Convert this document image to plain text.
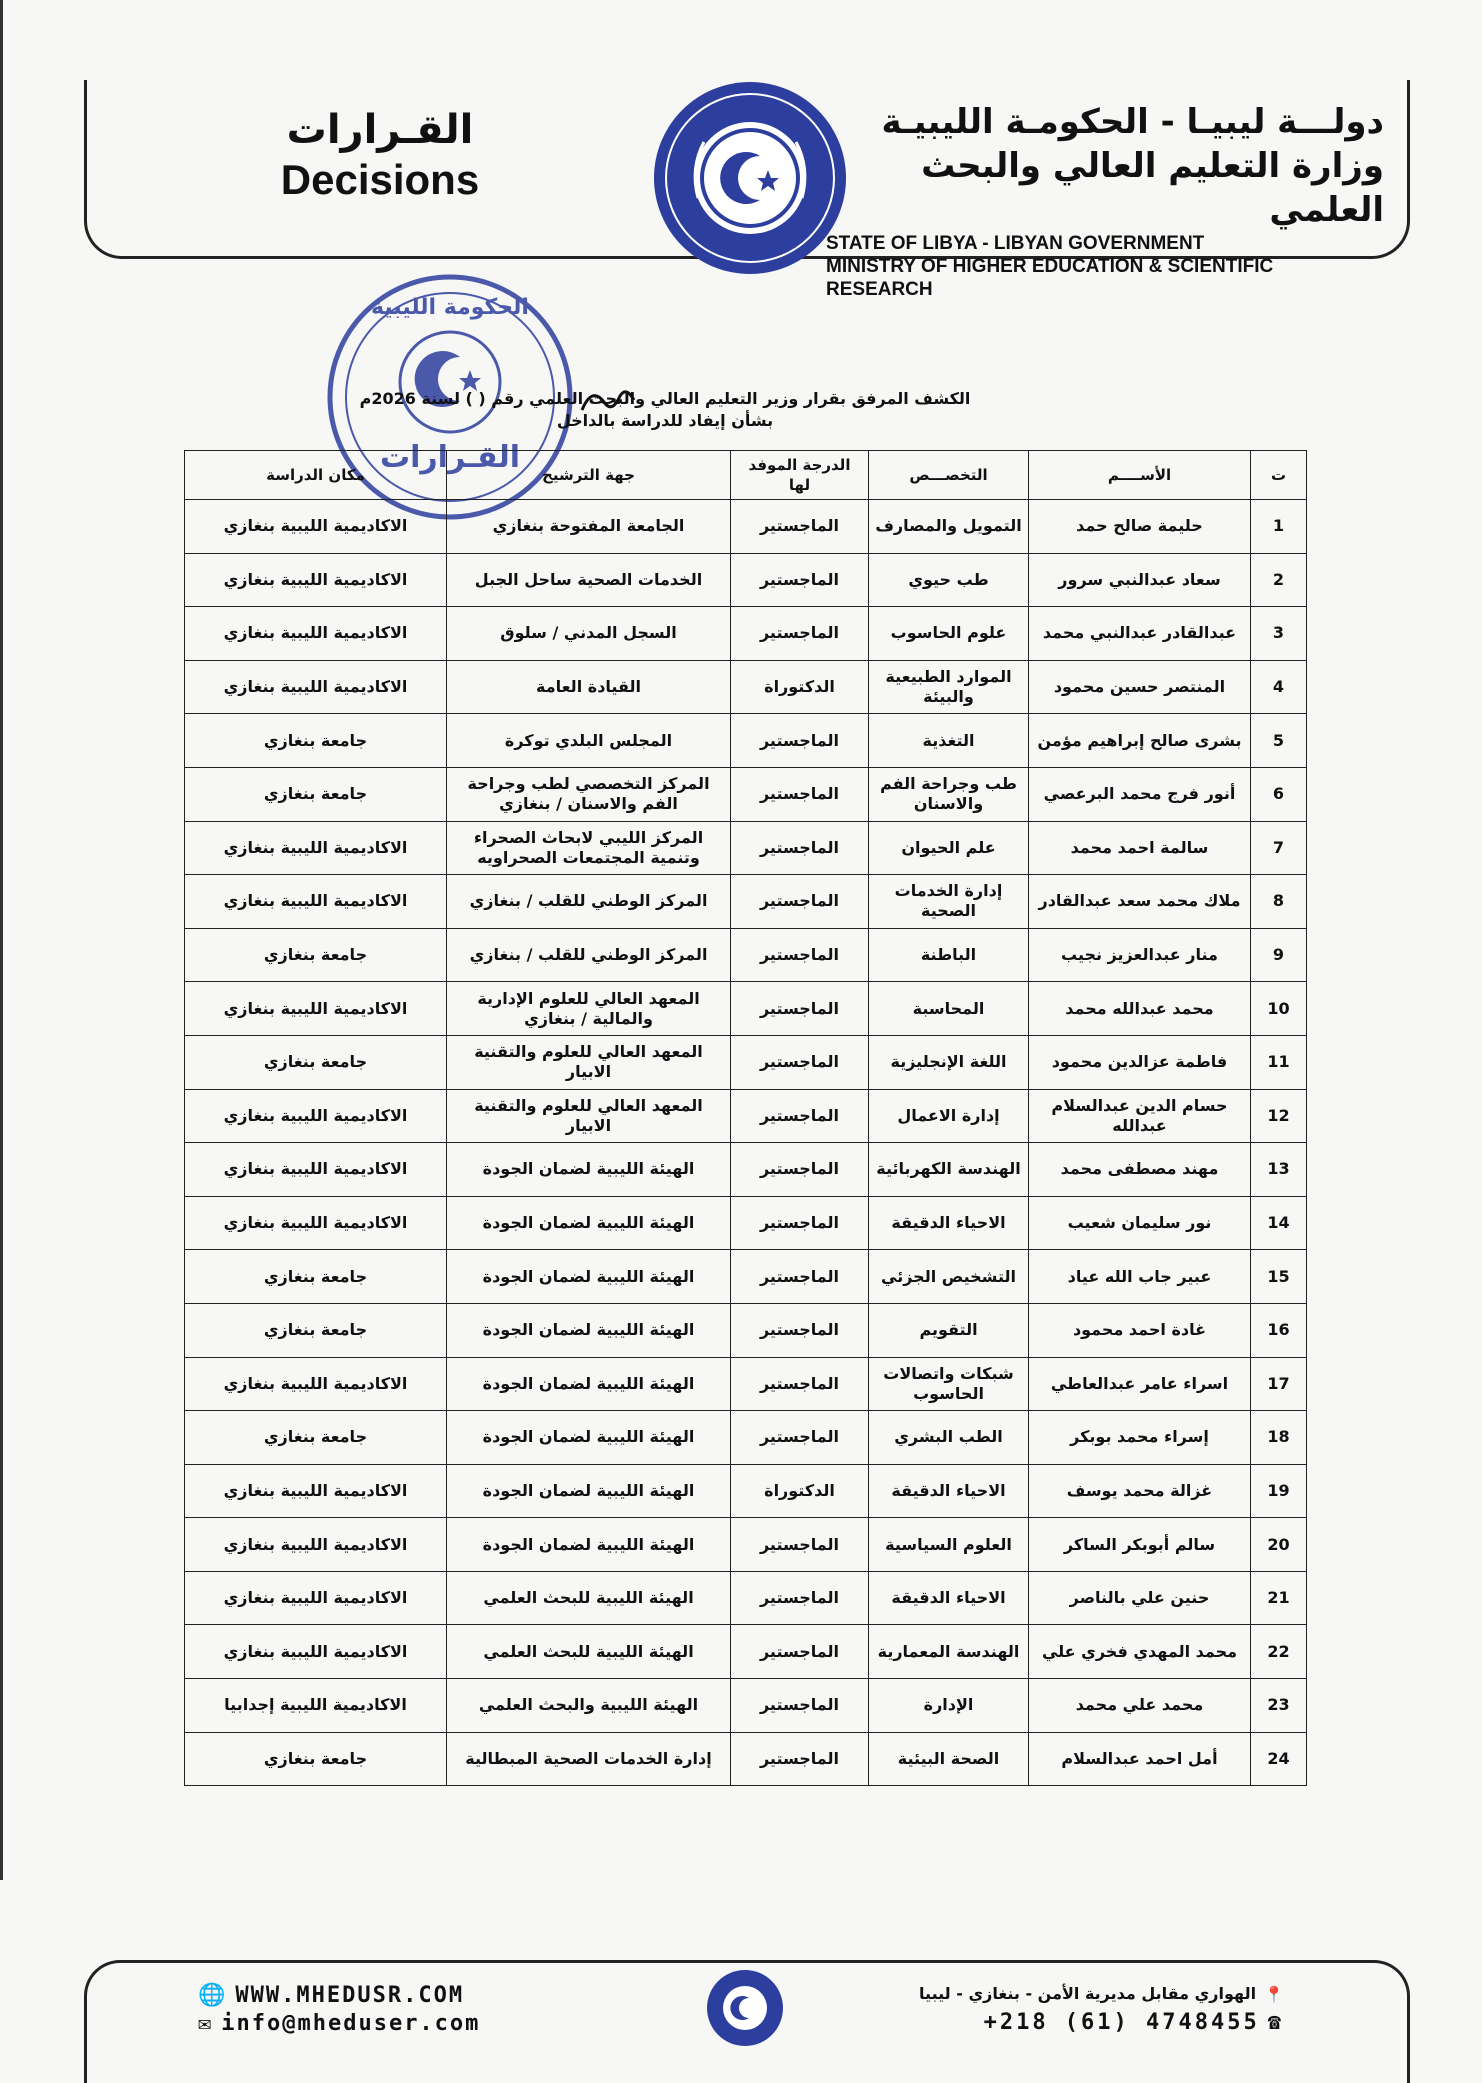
دولـــة ليبيـا - الحكومـة الليبيـة
وزارة التعليم العالي والبحث العلمي
STATE OF LIBYA - LIBYAN GOVERNMENT
MINISTRY OF HIGHER EDUCATION & SCIENTIFIC RESEARCH
القـرارات
Decisions
الحكومة الليبية
القـرارات
الكشف المرفق بقرار وزير التعليم العالي والبحث العلمي رقم ( ) لسنة 2026م
بشأن إيفاد للدراسة بالداخل
ت	الأســــم	التخصـــص	الدرجة الموفد لها	جهة الترشيح	مكان الدراسة
1	حليمة صالح حمد	التمويل والمصارف	الماجستير	الجامعة المفتوحة بنغازي	الاكاديمية الليبية بنغازي
2	سعاد عبدالنبي سرور	طب حيوي	الماجستير	الخدمات الصحية ساحل الجبل	الاكاديمية الليبية بنغازي
3	عبدالقادر عبدالنبي محمد	علوم الحاسوب	الماجستير	السجل المدني / سلوق	الاكاديمية الليبية بنغازي
4	المنتصر حسين محمود	الموارد الطبيعية والبيئة	الدكتوراة	القيادة العامة	الاكاديمية الليبية بنغازي
5	بشرى صالح إبراهيم مؤمن	التغذية	الماجستير	المجلس البلدي توكرة	جامعة بنغازي
6	أنور فرج محمد البرعصي	طب وجراحة الفم والاسنان	الماجستير	المركز التخصصي لطب وجراحة الفم والاسنان / بنغازي	جامعة بنغازي
7	سالمة احمد محمد	علم الحيوان	الماجستير	المركز الليبي لابحاث الصحراء وتنمية المجتمعات الصحراويه	الاكاديمية الليبية بنغازي
8	ملاك محمد سعد عبدالقادر	إدارة الخدمات الصحية	الماجستير	المركز الوطني للقلب / بنغازي	الاكاديمية الليبية بنغازي
9	منار عبدالعزيز نجيب	الباطنة	الماجستير	المركز الوطني للقلب / بنغازي	جامعة بنغازي
10	محمد عبدالله محمد	المحاسبة	الماجستير	المعهد العالي للعلوم الإدارية والمالية / بنغازي	الاكاديمية الليبية بنغازي
11	فاطمة عزالدين محمود	اللغة الإنجليزية	الماجستير	المعهد العالي للعلوم والتقنية الابيار	جامعة بنغازي
12	حسام الدين عبدالسلام عبدالله	إدارة الاعمال	الماجستير	المعهد العالي للعلوم والتقنية الابيار	الاكاديمية الليبية بنغازي
13	مهند مصطفى محمد	الهندسة الكهربائية	الماجستير	الهيئة الليبية لضمان الجودة	الاكاديمية الليبية بنغازي
14	نور سليمان شعيب	الاحياء الدقيقة	الماجستير	الهيئة الليبية لضمان الجودة	الاكاديمية الليبية بنغازي
15	عبير جاب الله عياد	التشخيص الجزئي	الماجستير	الهيئة الليبية لضمان الجودة	جامعة بنغازي
16	غادة احمد محمود	التقويم	الماجستير	الهيئة الليبية لضمان الجودة	جامعة بنغازي
17	اسراء عامر عبدالعاطي	شبكات واتصالات الحاسوب	الماجستير	الهيئة الليبية لضمان الجودة	الاكاديمية الليبية بنغازي
18	إسراء محمد بوبكر	الطب البشري	الماجستير	الهيئة الليبية لضمان الجودة	جامعة بنغازي
19	غزالة محمد يوسف	الاحياء الدقيقة	الدكتوراة	الهيئة الليبية لضمان الجودة	الاكاديمية الليبية بنغازي
20	سالم أبوبكر الساكر	العلوم السياسية	الماجستير	الهيئة الليبية لضمان الجودة	الاكاديمية الليبية بنغازي
21	حنين علي بالناصر	الاحياء الدقيقة	الماجستير	الهيئة الليبية للبحث العلمي	الاكاديمية الليبية بنغازي
22	محمد المهدي فخري علي	الهندسة المعمارية	الماجستير	الهيئة الليبية للبحث العلمي	الاكاديمية الليبية بنغازي
23	محمد علي محمد	الإدارة	الماجستير	الهيئة الليبية والبحث العلمي	الاكاديمية الليبية إجدابيا
24	أمل احمد عبدالسلام	الصحة البيئية	الماجستير	إدارة الخدمات الصحية المبطالية	جامعة بنغازي
🌐 WWW.MHEDUSR.COM
✉ info@mheduser.com
📍الهواري مقابل مديرية الأمن - بنغازي - ليبيا
+218 (61) 4748455 ☎
